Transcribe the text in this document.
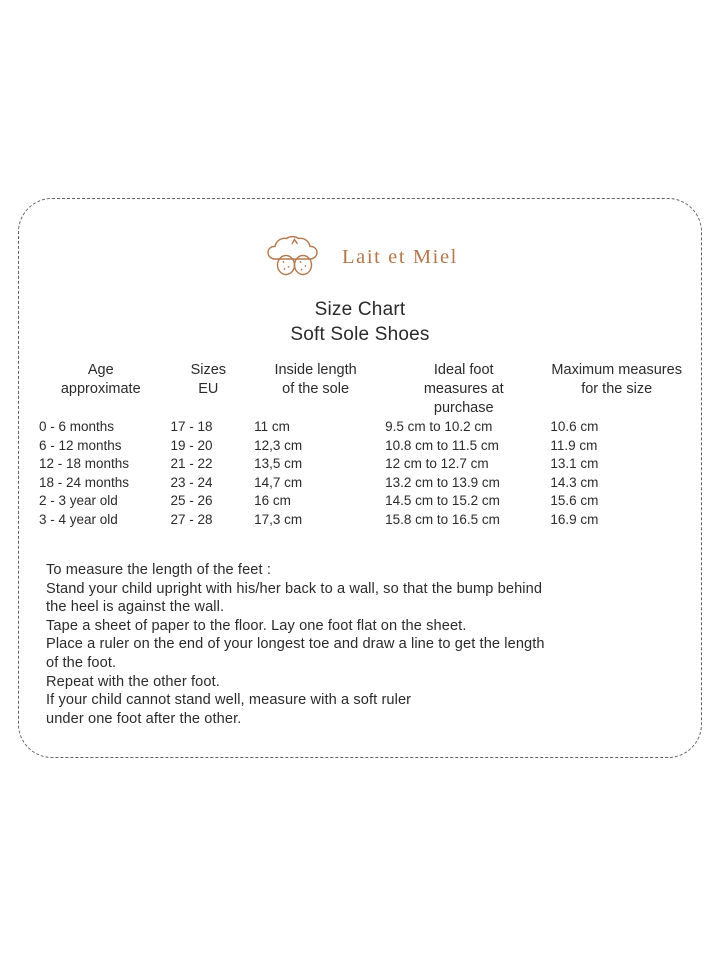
Lait et Miel
Size Chart
Soft Sole Shoes
Age
approximate

Sizes
EU

Inside length
of the sole

Ideal foot
measures at
purchase

Maximum measures
for the size

0 - 6 months	17 - 18	11 cm	9.5 cm to 10.2 cm	10.6 cm
6 - 12 months	19 - 20	12,3 cm	10.8 cm to 11.5 cm	11.9 cm
12 - 18 months	21 - 22	13,5 cm	12 cm to 12.7 cm	13.1 cm
18 - 24 months	23 - 24	14,7 cm	13.2 cm to 13.9 cm	14.3 cm
2 - 3 year old	25 - 26	16 cm	14.5 cm to 15.2 cm	15.6 cm
3 - 4 year old	27 - 28	17,3 cm	15.8 cm to 16.5 cm	16.9 cm

To measure the length of the feet :

Stand your child upright with his/her back to a wall, so that the bump behind

the heel is against the wall.

Tape a sheet of paper to the floor. Lay one foot flat on the sheet.

Place a ruler on the end of your longest toe and draw a line to get the length

of the foot.

Repeat with the other foot.

If your child cannot stand well, measure with a soft ruler

under one foot after the other.
